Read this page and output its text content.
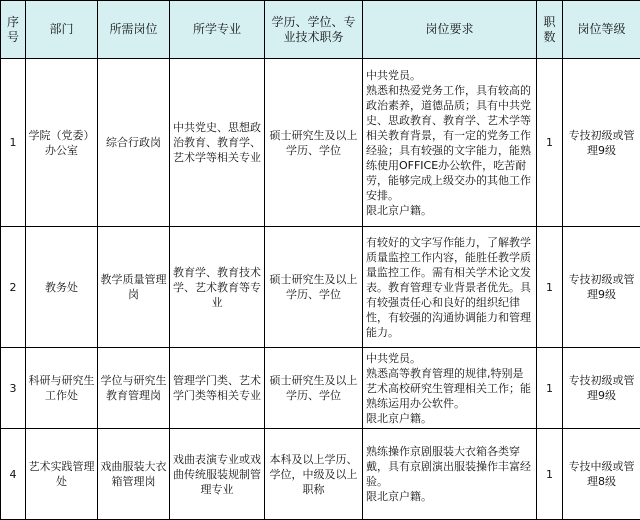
序号	部门	所需岗位	所学专业	学历、学位、专业技术职务	岗位要求	职数	岗位等级
1	学院（党委）办公室	综合行政岗	中共党史、思想政治教育、教育学、艺术学等相关专业	硕士研究生及以上学历、学位	中共党员。
熟悉和热爱党务工作，具有较高的政治素养，道德品质；具有中共党史、思政教育、教育学、艺术学等相关教育背景，有一定的党务工作经验；具有较强的文字能力，能熟练使用OFFICE办公软件，吃苦耐劳，能够完成上级交办的其他工作安排。
限北京户籍。	1	专技初级或管理9级
2	教务处	教学质量管理岗	教育学、教育技术学、艺术教育等专业	硕士研究生及以上学历、学位	有较好的文字写作能力，了解教学质量监控工作内容，能胜任教学质量监控工作。需有相关学术论文发表。教育管理专业背景者优先。具有较强责任心和良好的组织纪律性，有较强的沟通协调能力和管理能力。	1	专技初级或管理9级
3	科研与研究生工作处	学位与研究生教育管理岗	管理学门类、艺术学门类等相关专业	硕士研究生及以上学历、学位	中共党员。
熟悉高等教育管理的规律,特别是艺术高校研究生管理相关工作；能熟练运用办公软件。
限北京户籍。	1	专技初级或管理9级
4	艺术实践管理处	戏曲服装大衣箱管理岗	戏曲表演专业或戏曲传统服装规制管理专业	本科及以上学历、学位，中级及以上职称	熟练操作京剧服装大衣箱各类穿戴，具有京剧演出服装操作丰富经验。
限北京户籍。	1	专技中级或管理8级
